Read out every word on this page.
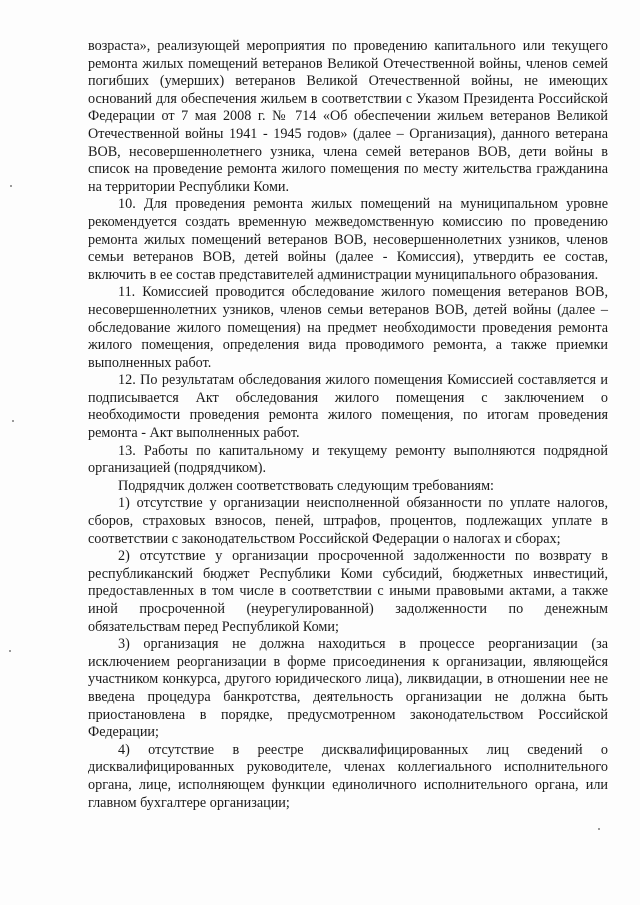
возраста», реализующей мероприятия по проведению капитального или текущего ремонта жилых помещений ветеранов Великой Отечественной войны, членов семей погибших (умерших) ветеранов Великой Отечественной войны, не имеющих оснований для обеспечения жильем в соответствии с Указом Президента Российской Федерации от 7 мая 2008 г. № 714 «Об обеспечении жильем ветеранов Великой Отечественной войны 1941 - 1945 годов» (далее – Организация), данного ветерана ВОВ, несовершеннолетнего узника, члена семей ветеранов ВОВ, дети войны в список на проведение ремонта жилого помещения по месту жительства гражданина на территории Республики Коми.

10. Для проведения ремонта жилых помещений на муниципальном уровне рекомендуется создать временную межведомственную комиссию по проведению ремонта жилых помещений ветеранов ВОВ, несовершеннолетних узников, членов семьи ветеранов ВОВ, детей войны (далее - Комиссия), утвердить ее состав, включить в ее состав представителей администрации муниципального образования.

11. Комиссией проводится обследование жилого помещения ветеранов ВОВ, несовершеннолетних узников, членов семьи ветеранов ВОВ, детей войны (далее – обследование жилого помещения) на предмет необходимости проведения ремонта жилого помещения, определения вида проводимого ремонта, а также приемки выполненных работ.

12. По результатам обследования жилого помещения Комиссией составляется и подписывается Акт обследования жилого помещения с заключением о необходимости проведения ремонта жилого помещения, по итогам проведения ремонта - Акт выполненных работ.

13. Работы по капитальному и текущему ремонту выполняются подрядной организацией (подрядчиком).

Подрядчик должен соответствовать следующим требованиям:

1) отсутствие у организации неисполненной обязанности по уплате налогов, сборов, страховых взносов, пеней, штрафов, процентов, подлежащих уплате в соответствии с законодательством Российской Федерации о налогах и сборах;

2) отсутствие у организации просроченной задолженности по возврату в республиканский бюджет Республики Коми субсидий, бюджетных инвестиций, предоставленных в том числе в соответствии с иными правовыми актами, а также иной просроченной (неурегулированной) задолженности по денежным обязательствам перед Республикой Коми;

3) организация не должна находиться в процессе реорганизации (за исключением реорганизации в форме присоединения к организации, являющейся участником конкурса, другого юридического лица), ликвидации, в отношении нее не введена процедура банкротства, деятельность организации не должна быть приостановлена в порядке, предусмотренном законодательством Российской Федерации;

4) отсутствие в реестре дисквалифицированных лиц сведений о дисквалифицированных руководителе, членах коллегиального исполнительного органа, лице, исполняющем функции единоличного исполнительного органа, или главном бухгалтере организации;
